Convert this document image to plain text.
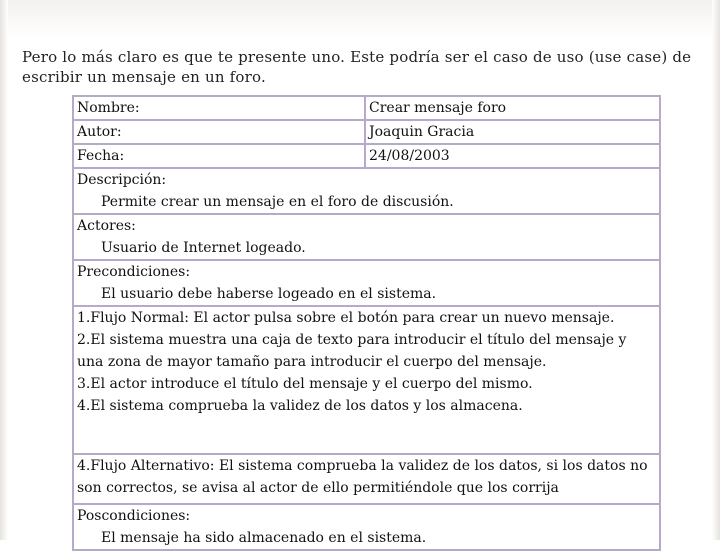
Pero lo más claro es que te presente uno. Este podría ser el caso de uso (use case) de escribir un mensaje en un foro.
Nombre:	Crear mensaje foro
Autor:	Joaquin Gracia
Fecha:	24/08/2003

Descripción:
Permite crear un mensaje en el foro de discusión.	

Actores:
Usuario de Internet logeado.	

Precondiciones:
El usuario debe haberse logeado en el sistema.	

1.Flujo Normal: El actor pulsa sobre el botón para crear un nuevo mensaje.
2.El sistema muestra una caja de texto para introducir el título del mensaje y una zona de mayor tamaño para introducir el cuerpo del mensaje.
3.El actor introduce el título del mensaje y el cuerpo del mismo.
4.El sistema comprueba la validez de los datos y los almacena.	

4.Flujo Alternativo: El sistema comprueba la validez de los datos, si los datos no son correctos, se avisa al actor de ello permitiéndole que los corrija	

Poscondiciones:
El mensaje ha sido almacenado en el sistema.	
